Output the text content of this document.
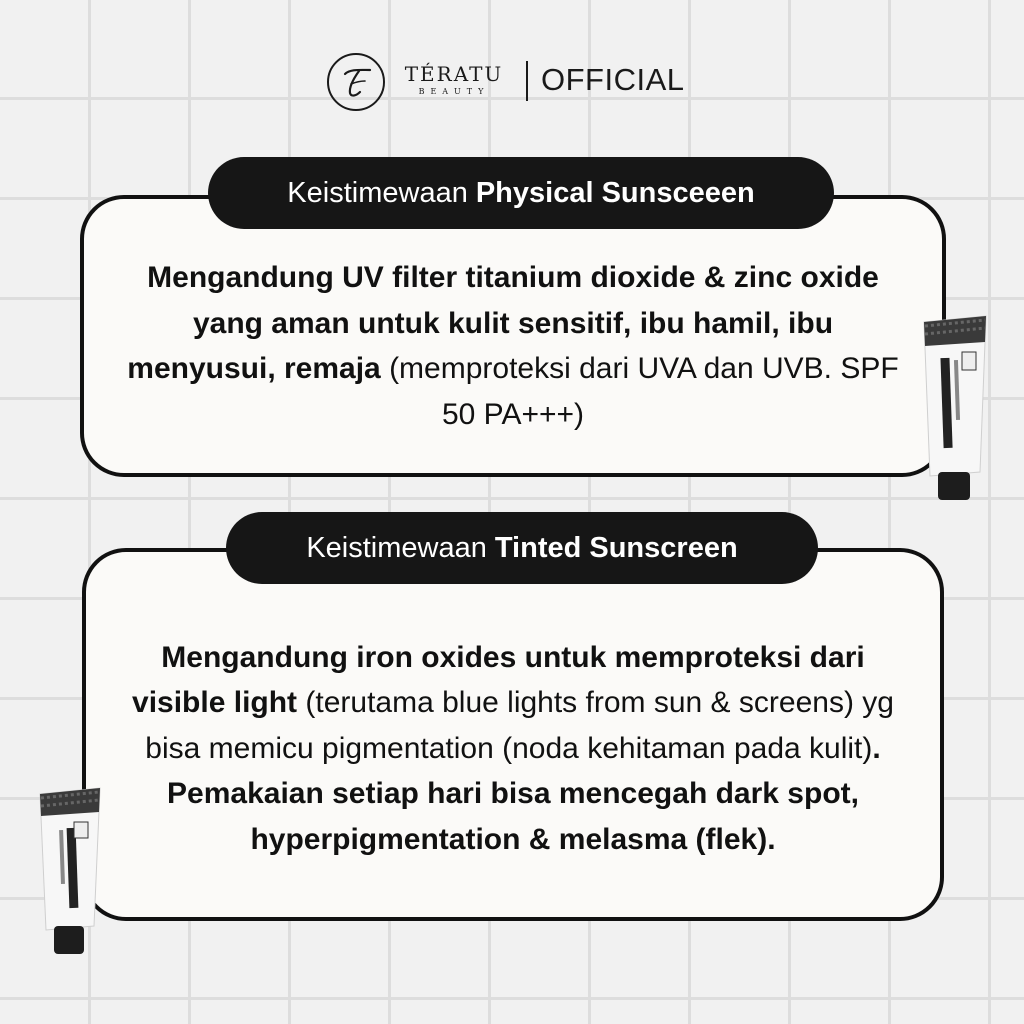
TÉRATU
BEAUTY	OFFICIAL

Mengandung UV filter titanium dioxide & zinc oxide yang aman untuk kulit sensitif, ibu hamil, ibu menyusui, remaja (memproteksi dari UVA dan UVB. SPF 50 PA+++)

Keistimewaan Physical Sunsceeen

Mengandung iron oxides untuk memproteksi dari visible light (terutama blue lights from sun & screens) yg bisa memicu pigmentation (noda kehitaman pada kulit). Pemakaian setiap hari bisa mencegah dark spot, hyperpigmentation & melasma (flek).

Keistimewaan Tinted Sunscreen
